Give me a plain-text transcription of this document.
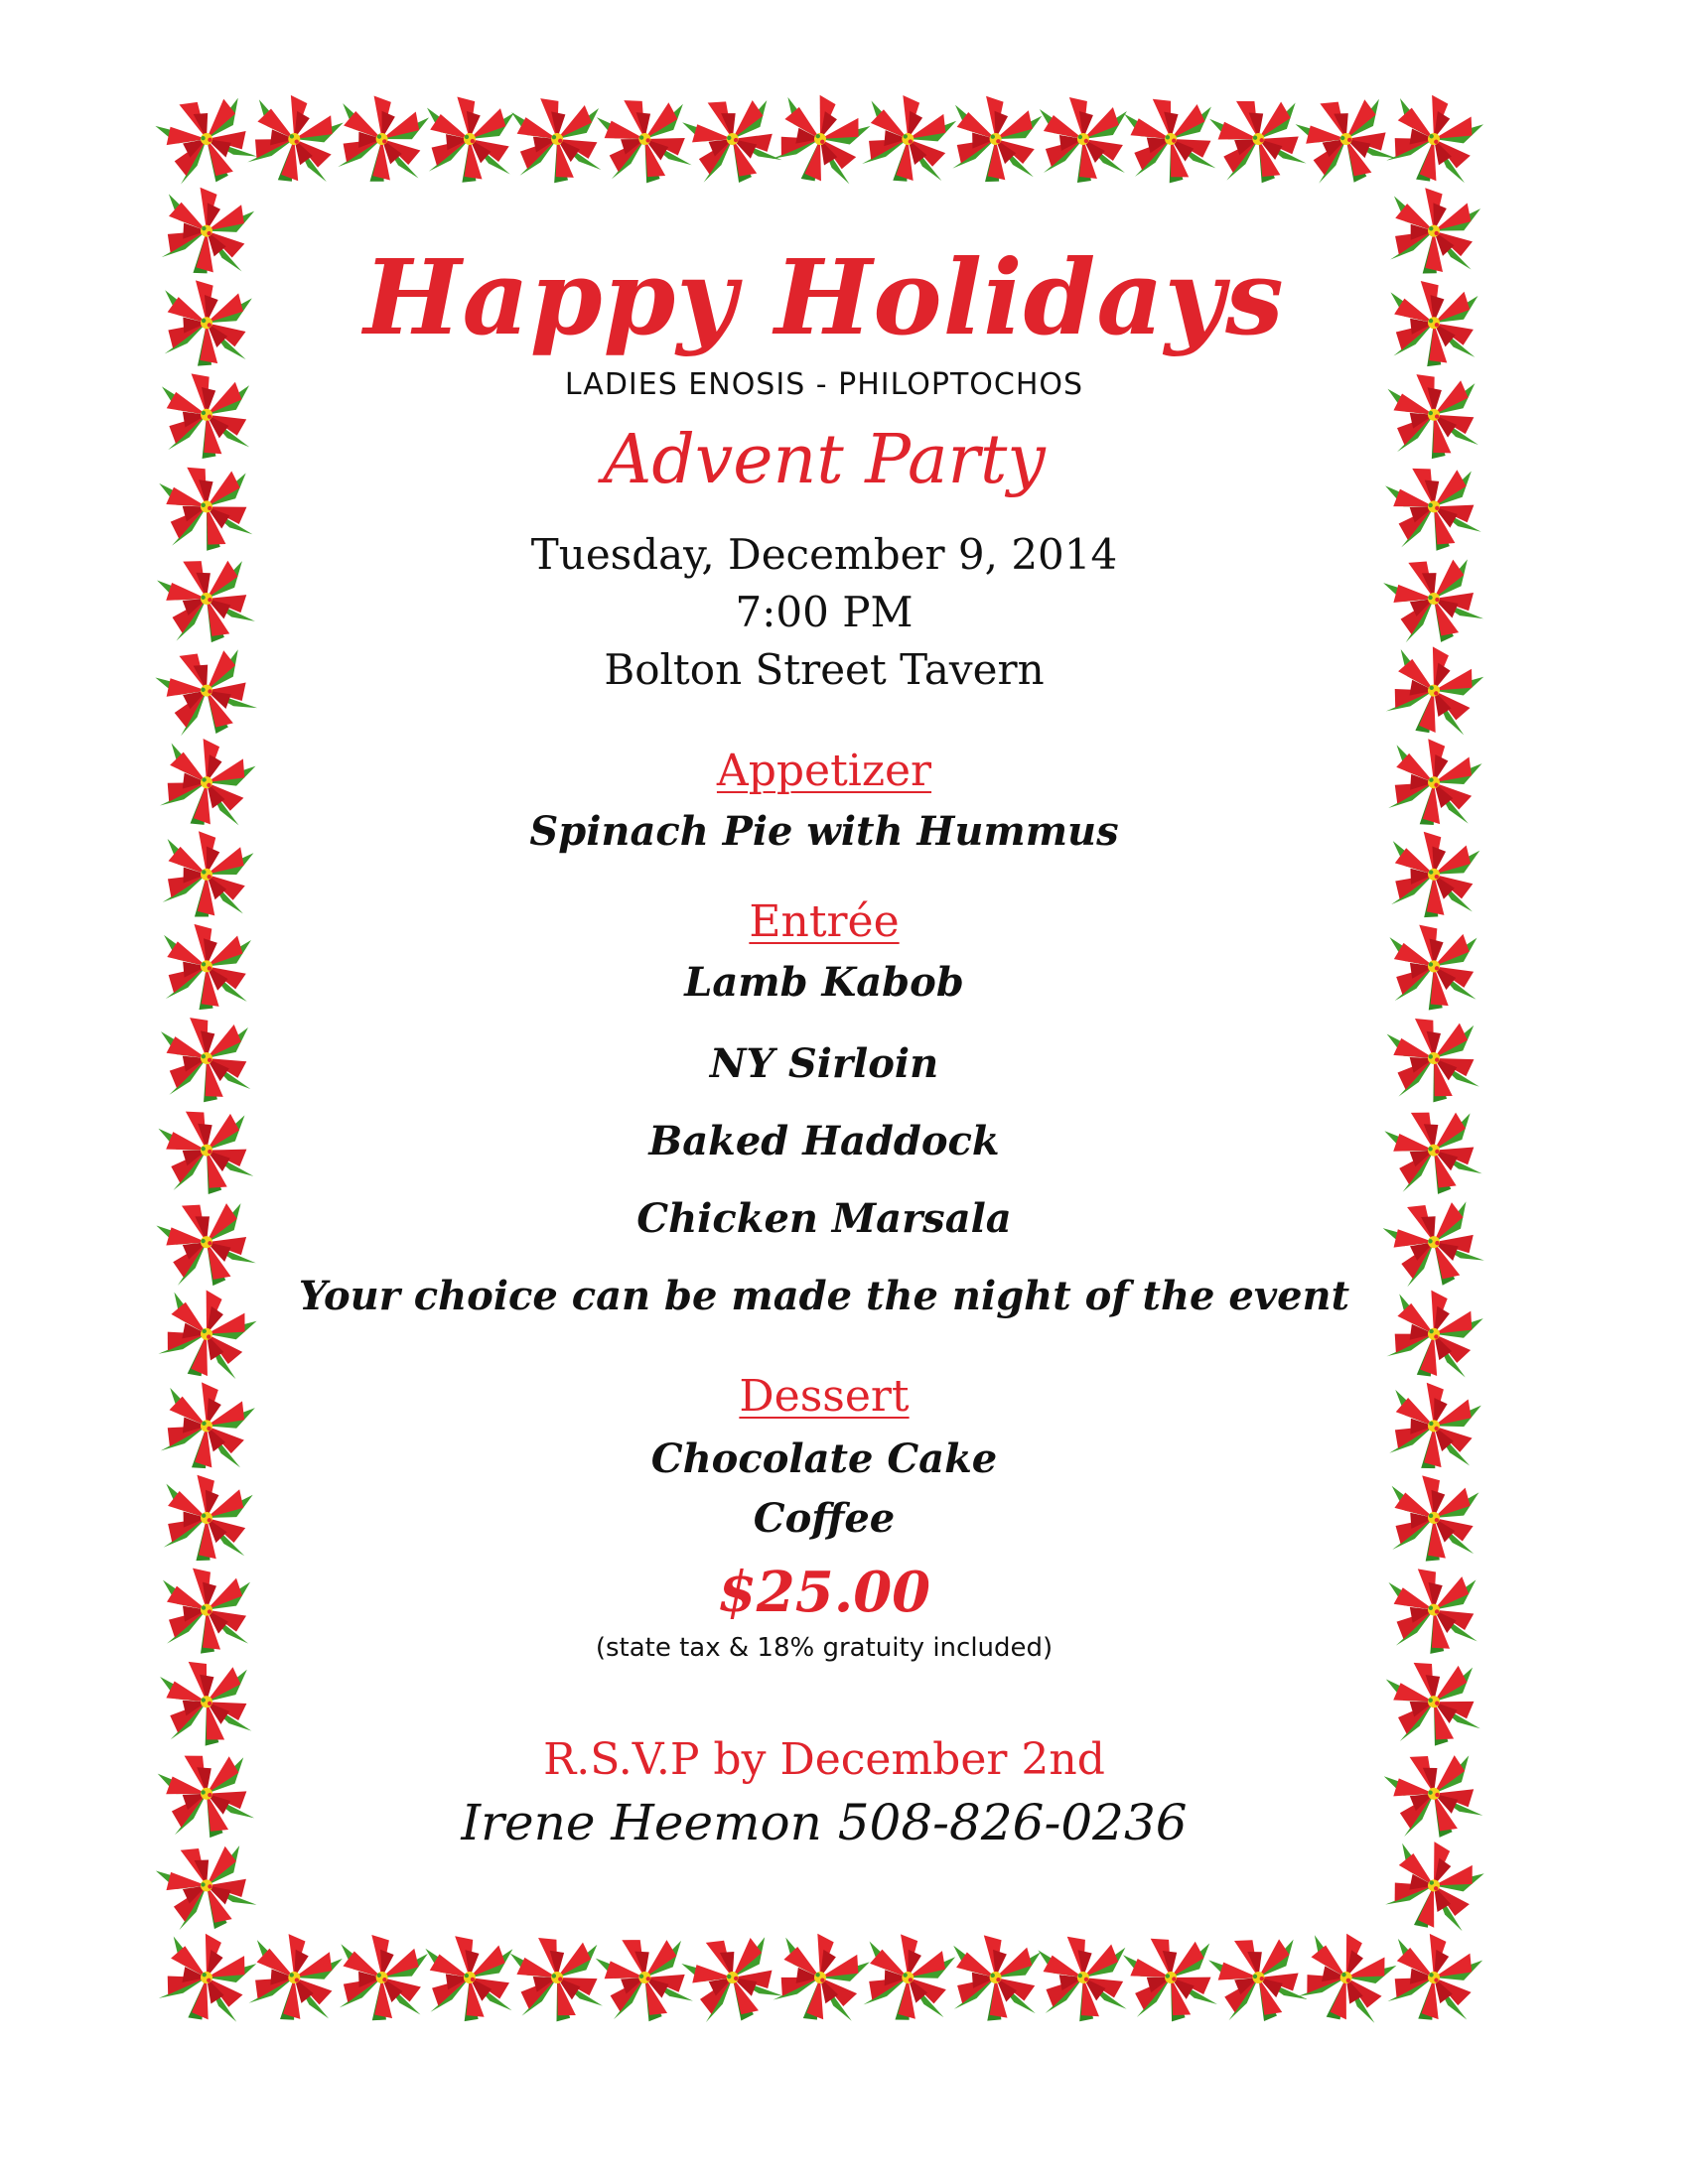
Happy Holidays

LADIES ENOSIS - PHILOPTOCHOS

Advent Party

Tuesday, December 9, 2014

7:00 PM

Bolton Street Tavern

Appetizer

Spinach Pie with Hummus

Entrée

Lamb Kabob

NY Sirloin

Baked Haddock

Chicken Marsala

Your choice can be made the night of the event

Dessert

Chocolate Cake

Coffee

$25.00

(state tax & 18% gratuity included)

R.S.V.P by December 2nd

Irene Heemon 508-826-0236
